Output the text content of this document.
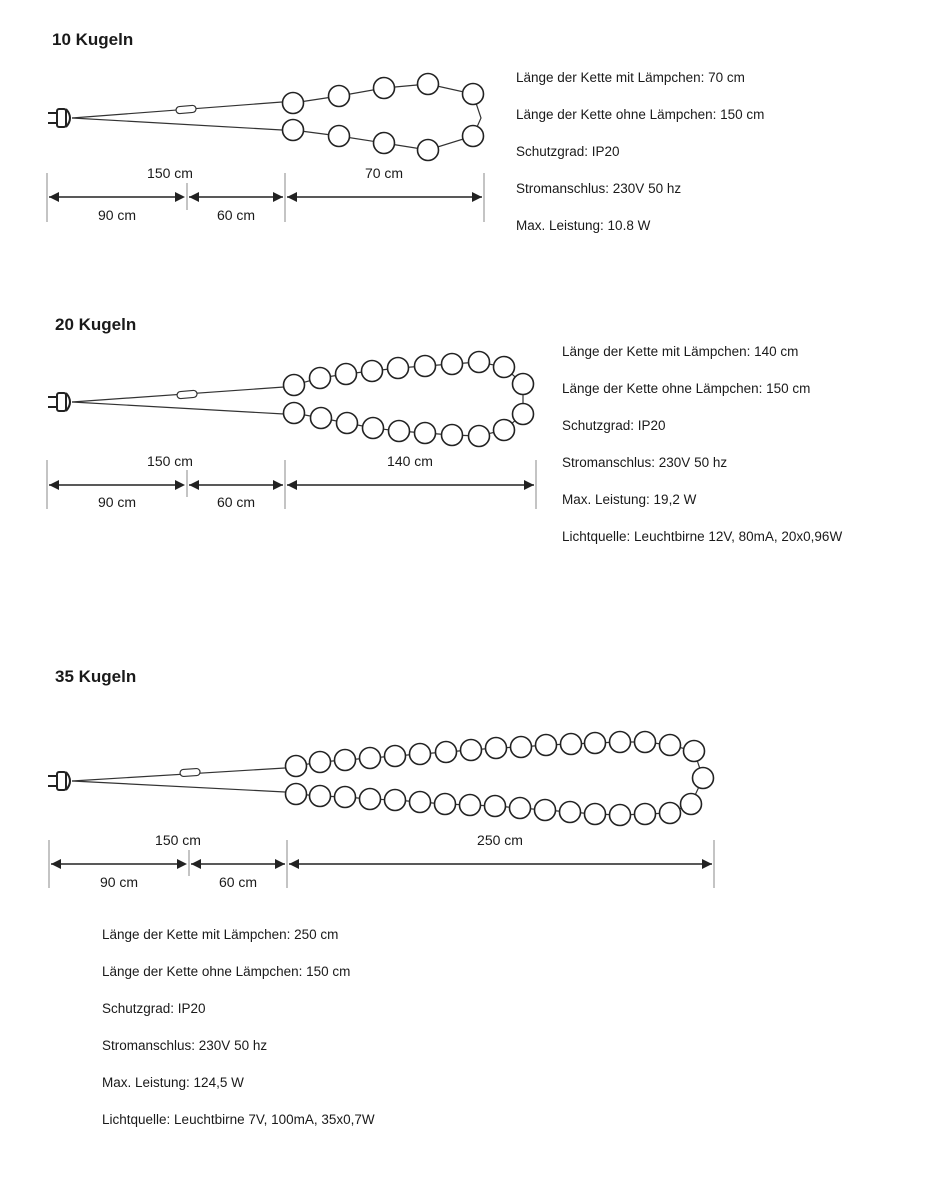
10 Kugeln
150 cm	70 cm
90 cm	60 cm
Länge der Kette mit Lämpchen: 70 cm
Länge der Kette ohne Lämpchen: 150 cm
Schutzgrad: IP20
Stromanschlus: 230V 50 hz
Max. Leistung: 10.8 W
20 Kugeln
150 cm	140 cm
90 cm	60 cm
Länge der Kette mit Lämpchen: 140 cm
Länge der Kette ohne Lämpchen: 150 cm
Schutzgrad: IP20
Stromanschlus: 230V 50 hz
Max. Leistung: 19,2 W
Lichtquelle: Leuchtbirne 12V, 80mA, 20x0,96W
35 Kugeln
150 cm	250 cm
90 cm	60 cm
Länge der Kette mit Lämpchen: 250 cm
Länge der Kette ohne Lämpchen: 150 cm
Schutzgrad: IP20
Stromanschlus: 230V 50 hz
Max. Leistung: 124,5 W
Lichtquelle: Leuchtbirne 7V, 100mA, 35x0,7W
